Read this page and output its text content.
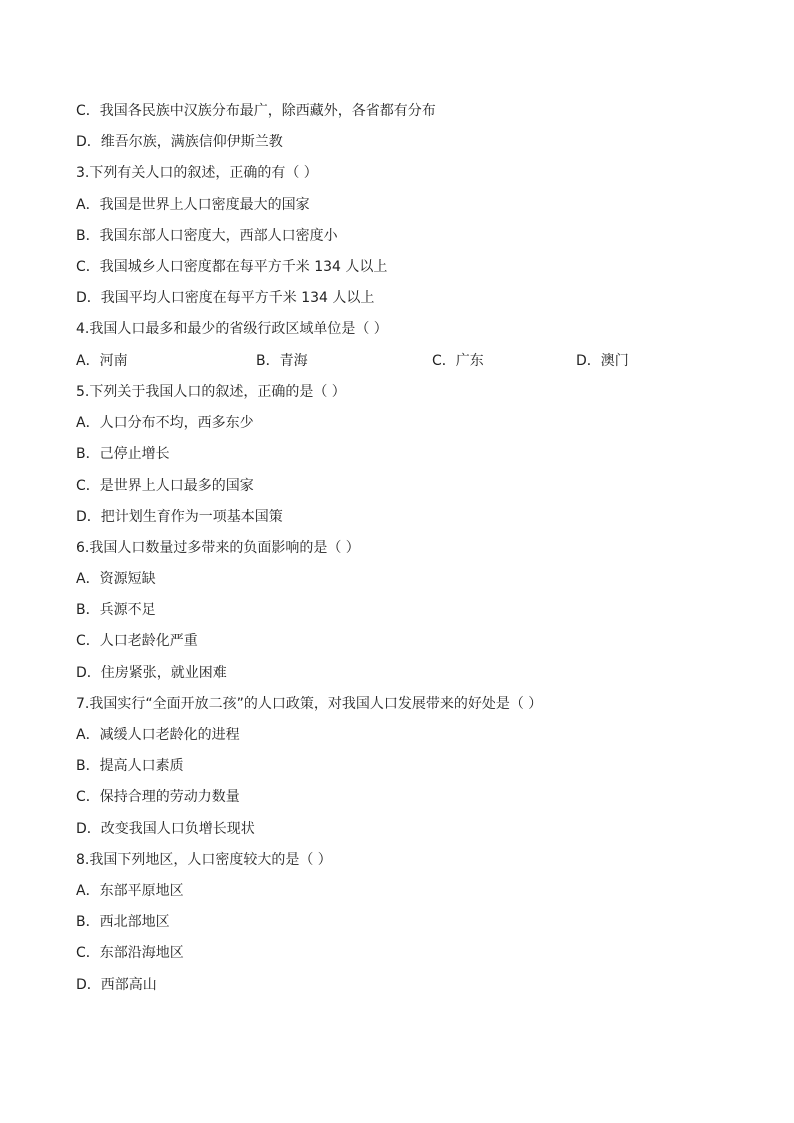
C．我国各民族中汉族分布最广，除西藏外，各省都有分布
D．维吾尔族，满族信仰伊斯兰教
3.下列有关人口的叙述，正确的有（ ）
A．我国是世界上人口密度最大的国家
B．我国东部人口密度大，西部人口密度小
C．我国城乡人口密度都在每平方千米 134 人以上
D．我国平均人口密度在每平方千米 134 人以上
4.我国人口最多和最少的省级行政区域单位是（ ）
A．河南	B．青海	C．广东	D．澳门
5.下列关于我国人口的叙述，正确的是（ ）
A．人口分布不均，西多东少
B．己停止增长
C．是世界上人口最多的国家
D．把计划生育作为一项基本国策
6.我国人口数量过多带来的负面影响的是（ ）
A．资源短缺
B．兵源不足
C．人口老龄化严重
D．住房紧张，就业困难
7.我国实行“全面开放二孩”的人口政策，对我国人口发展带来的好处是（ ）
A．减缓人口老龄化的进程
B．提高人口素质
C．保持合理的劳动力数量
D．改变我国人口负增长现状
8.我国下列地区，人口密度较大的是（ ）
A．东部平原地区
B．西北部地区
C．东部沿海地区
D．西部高山
